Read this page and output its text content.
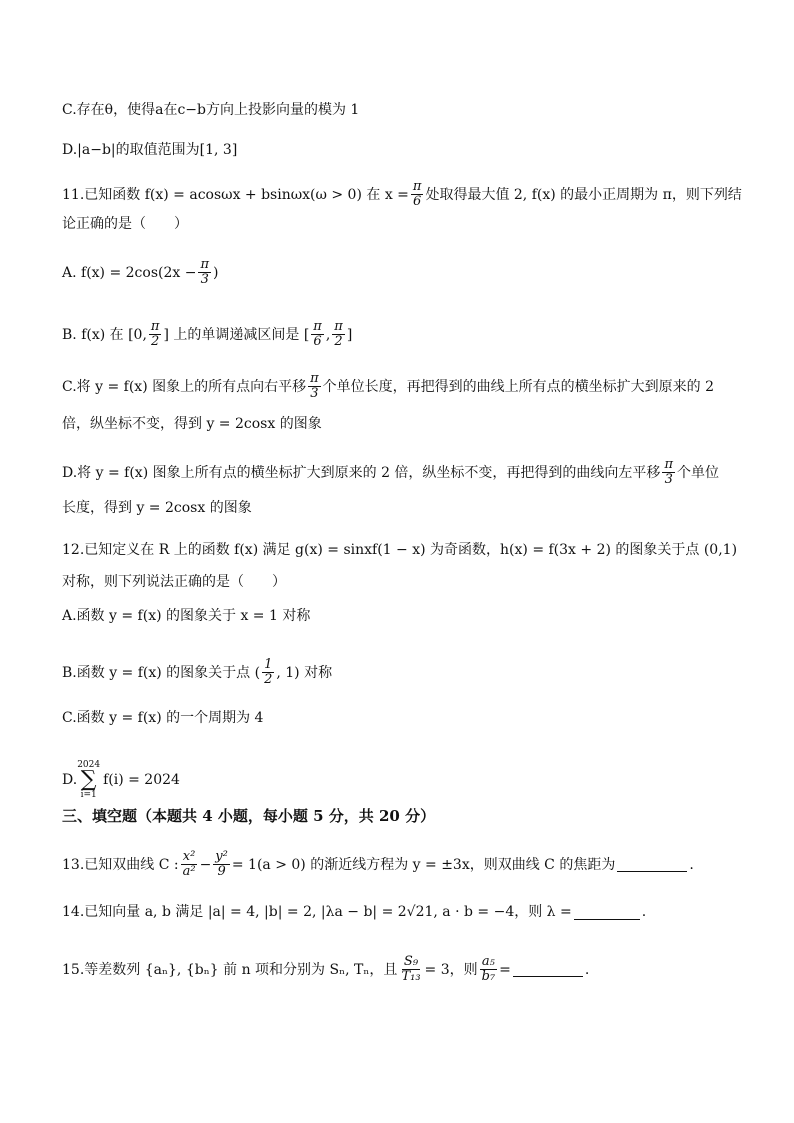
C.存在θ，使得a在c−b方向上投影向量的模为 1
D.|a−b|的取值范围为[1, 3]
11.已知函数 f(x) = acosωx + bsinωx(ω > 0) 在 $x = \frac{\pi}{6}$ 处取得最大值 2, f(x) 的最小正周期为 π，则下列结
论正确的是（　　）
A. $f(x) = 2\cos(2x - \frac{\pi}{3}$ )
B. f(x) 在 [0, $\frac{\pi}{2}$ ] 上的单调递减区间是 [ $\frac{\pi}{6}$ , $\frac{\pi}{2}$ ]
C.将 y = f(x) 图象上的所有点向右平移 $\frac{\pi}{3}$ 个单位长度，再把得到的曲线上所有点的横坐标扩大到原来的 2
倍，纵坐标不变，得到 y = 2cosx 的图象
D.将 y = f(x) 图象上所有点的横坐标扩大到原来的 2 倍，纵坐标不变，再把得到的曲线向左平移 $\frac{\pi}{3}$ 个单位
长度，得到 y = 2cosx 的图象
12.已知定义在 R 上的函数 f(x) 满足 g(x) = sinxf(1 − x) 为奇函数，h(x) = f(3x + 2) 的图象关于点 (0,1)
对称，则下列说法正确的是（　　）
A.函数 y = f(x) 的图象关于 x = 1 对称
B.函数 y = f(x) 的图象关于点 ( $\frac{1}{2}$ , 1) 对称
C.函数 y = f(x) 的一个周期为 4
D.
2024
∑
i=1
f(i) = 2024
三、填空题（本题共 4 小题，每小题 5 分，共 20 分）
13.已知双曲线 C : $\frac{\text{x²}}{\text{a²}} - \frac{\text{y²}}{9} = 1(a > 0)$ 的渐近线方程为 y = ±3x，则双曲线 C 的焦距为	.
14.已知向量 a, b 满足 |a| = 4, |b| = 2, |λa − b| = 2√21, a · b = −4，则 λ =	.
15.等差数列 {aₙ}, {bₙ} 前 n 项和分别为 Sₙ, Tₙ，且 $\frac{\text{S₉}}{\text{T₁₃}} = 3$，则 $\frac{\text{a₅}}{\text{b₇}}$ =	.
